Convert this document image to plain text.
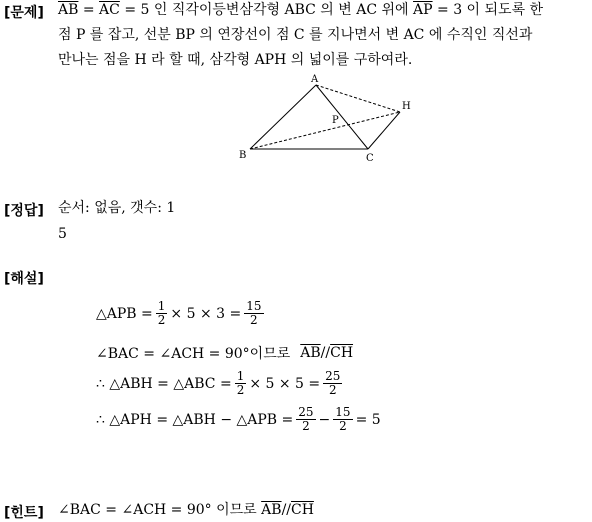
[문제] $\overline{AB} = \overline{AC} = 5$ 인 직각이등변삼각형 ABC 의 변 AC 위에 $\overline{AP} = 3$ 이 되도록 한
점 P 를 잡고, 선분 BP 의 연장선이 점 C 를 지나면서 변 AC 에 수직인 직선과
만나는 점을 H 라 할 때, 삼각형 APH 의 넓이를 구하여라.
A
B	C
H
P
[정답] 순서: 없음, 갯수: 1
5
[해설]
△APB = $\frac{1}{2} \times 5 \times 3 = \frac{15}{2}$
∠BAC = ∠ACH = 90°이므로 $\overline{AB} // \overline{CH}$
∴ △ABH = △ABC = $\frac{1}{2} \times 5 \times 5 = \frac{25}{2}$
∴ △APH = △ABH − △APB = $\frac{25}{2} - \frac{15}{2} = 5$
[힌트] ∠BAC = ∠ACH = 90° 이므로 $\overline{AB}//\overline{CH}$
